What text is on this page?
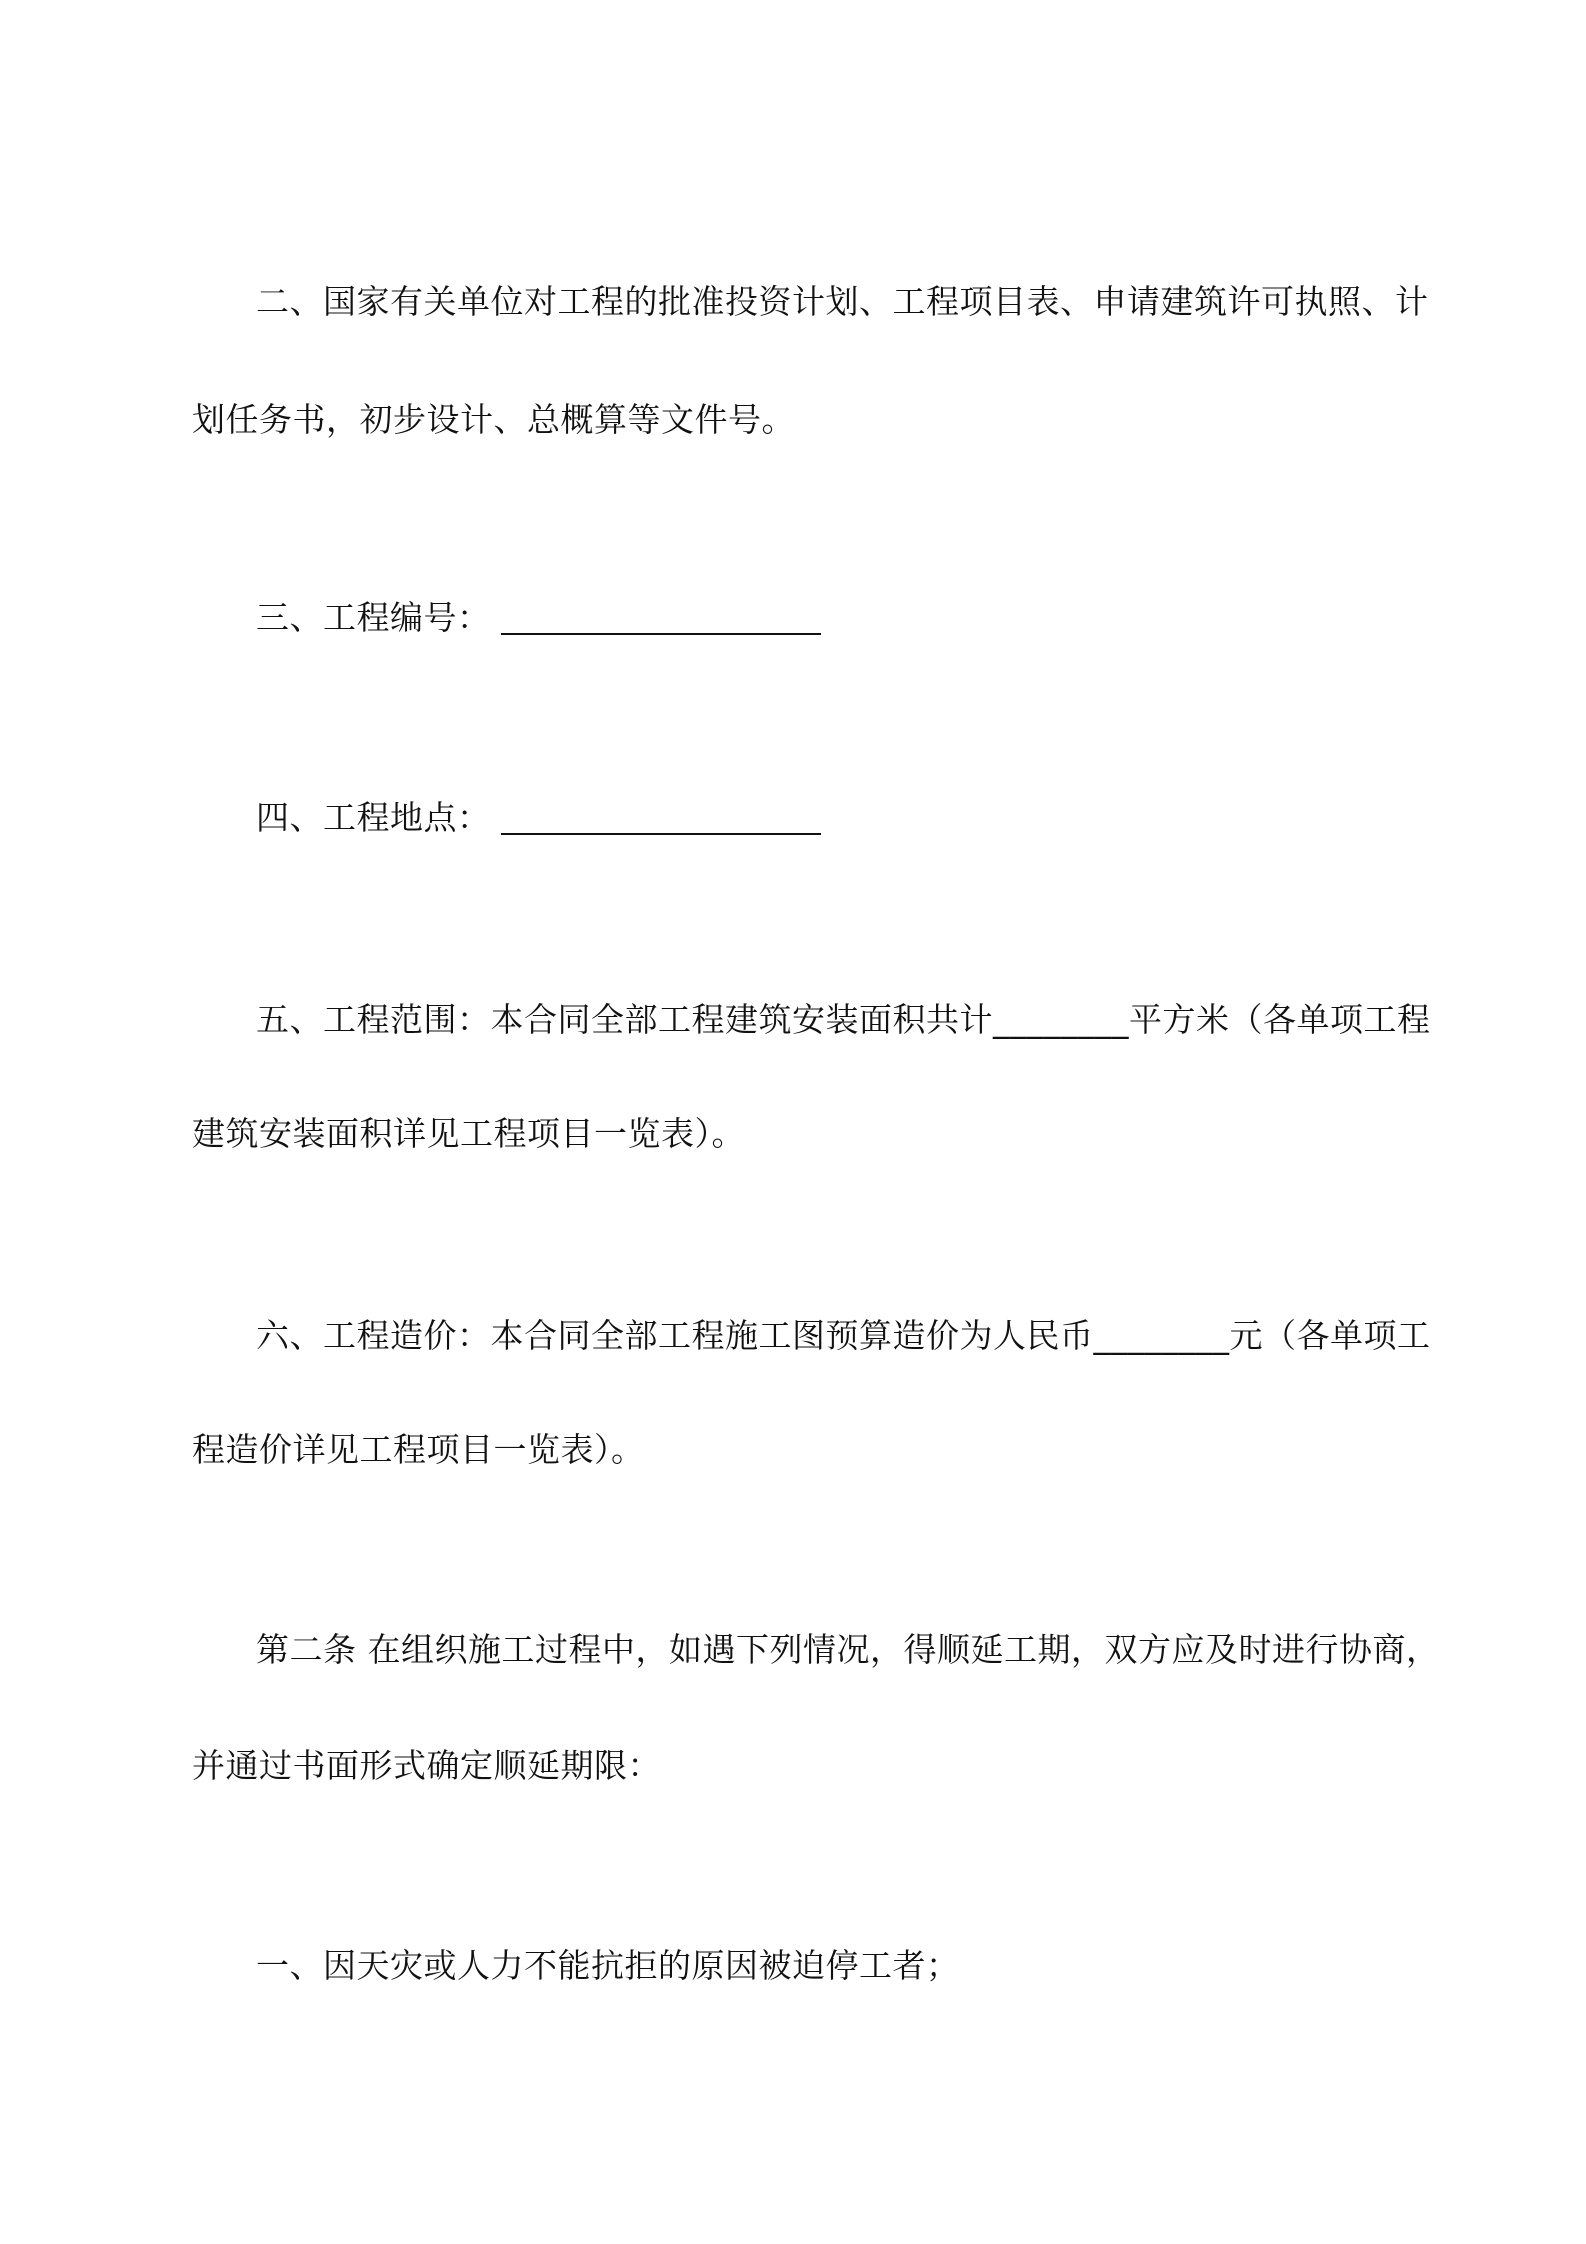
二、国家有关单位对工程的批准投资计划、工程项目表、申请建筑许可执照、计
划任务书，初步设计、总概算等文件号。
三、工程编号：
四、工程地点：
五、工程范围：本合同全部工程建筑安装面积共计________平方米（各单项工程
建筑安装面积详见工程项目一览表）。
六、工程造价：本合同全部工程施工图预算造价为人民币________元（各单项工
程造价详见工程项目一览表）。
第二条 在组织施工过程中，如遇下列情况，得顺延工期，双方应及时进行协商，
并通过书面形式确定顺延期限：
一、因天灾或人力不能抗拒的原因被迫停工者；
